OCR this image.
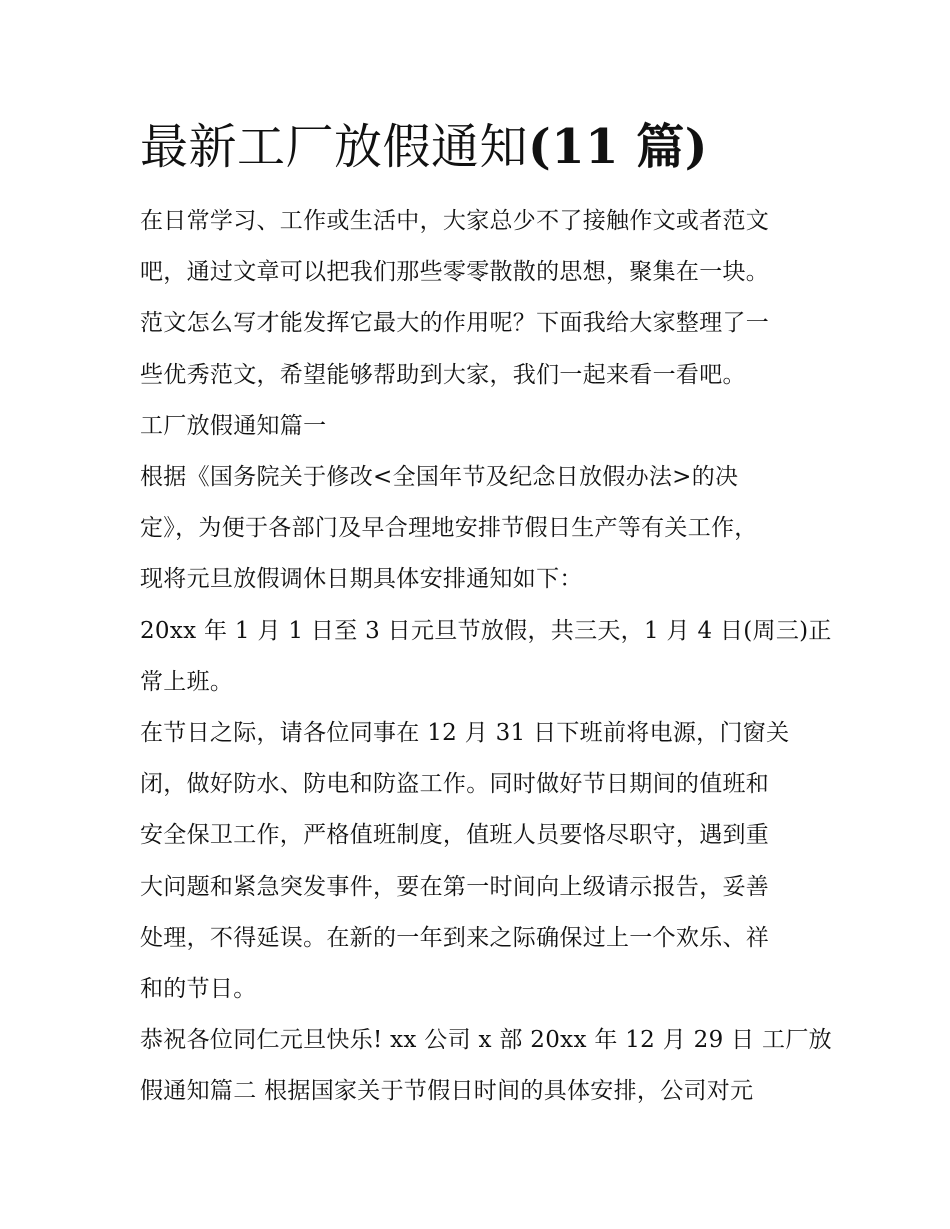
最新工厂放假通知(11 篇)
在日常学习、工作或生活中，大家总少不了接触作文或者范文
吧，通过文章可以把我们那些零零散散的思想，聚集在一块。
范文怎么写才能发挥它最大的作用呢？下面我给大家整理了一
些优秀范文，希望能够帮助到大家，我们一起来看一看吧。
工厂放假通知篇一
根据《国务院关于修改<全国年节及纪念日放假办法>的决
定》，为便于各部门及早合理地安排节假日生产等有关工作，
现将元旦放假调休日期具体安排通知如下：
20xx 年 1 月 1 日至 3 日元旦节放假，共三天，1 月 4 日(周三)正
常上班。
在节日之际，请各位同事在 12 月 31 日下班前将电源，门窗关
闭，做好防水、防电和防盗工作。同时做好节日期间的值班和
安全保卫工作，严格值班制度，值班人员要恪尽职守，遇到重
大问题和紧急突发事件，要在第一时间向上级请示报告，妥善
处理，不得延误。在新的一年到来之际确保过上一个欢乐、祥
和的节日。
恭祝各位同仁元旦快乐! xx 公司 x 部 20xx 年 12 月 29 日 工厂放
假通知篇二 根据国家关于节假日时间的具体安排，公司对元
